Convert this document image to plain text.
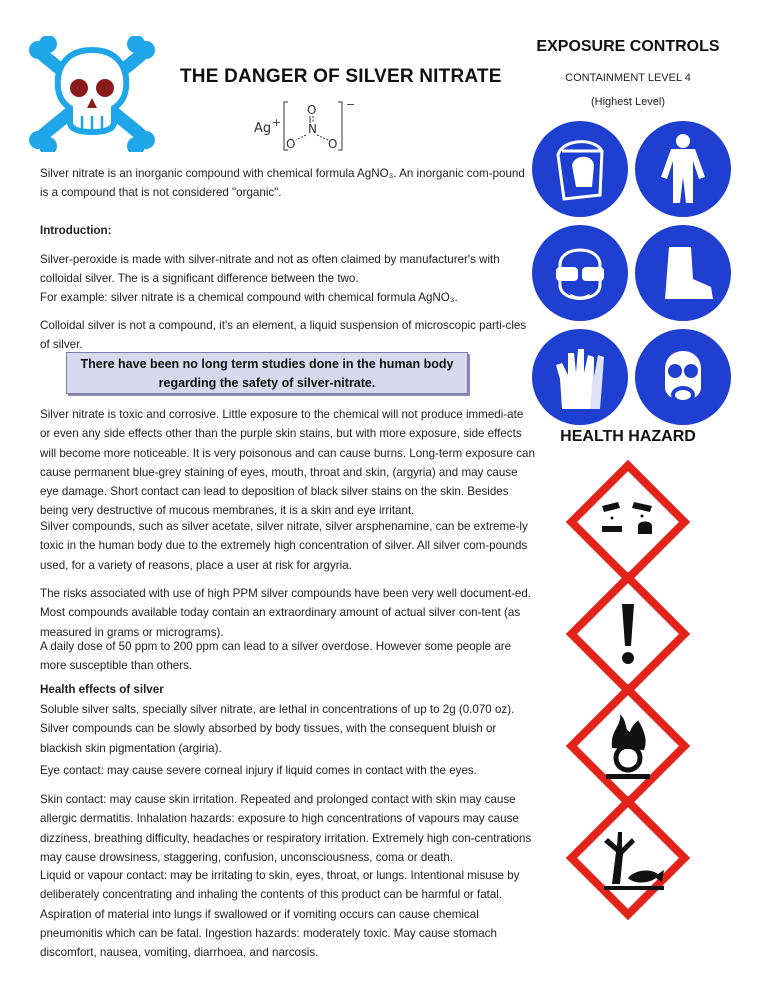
THE DANGER OF SILVER NITRATE
Ag +
−
O
N
O	O
Silver nitrate is an inorganic compound with chemical formula AgNO₃. An inorganic com-pound is a compound that is not considered "organic".
Introduction:
Silver-peroxide is made with silver-nitrate and not as often claimed by manufacturer's with colloidal silver. The is a significant difference between the two.
For example: silver nitrate is a chemical compound with chemical formula AgNO₃.
Colloidal silver is not a compound, it's an element, a liquid suspension of microscopic parti-cles of silver.
There have been no long term studies done in the human body regarding the safety of silver-nitrate.
Silver nitrate is toxic and corrosive. Little exposure to the chemical will not produce immedi-ate or even any side effects other than the purple skin stains, but with more exposure, side effects will become more noticeable. It is very poisonous and can cause burns. Long-term exposure can cause permanent blue-grey staining of eyes, mouth, throat and skin, (argyria) and may cause eye damage. Short contact can lead to deposition of black silver stains on the skin. Besides being very destructive of mucous membranes, it is a skin and eye irritant.
Silver compounds, such as silver acetate, silver nitrate, silver arsphenamine, can be extreme-ly toxic in the human body due to the extremely high concentration of silver. All silver com-pounds used, for a variety of reasons, place a user at risk for argyria.
The risks associated with use of high PPM silver compounds have been very well document-ed. Most compounds available today contain an extraordinary amount of actual silver con-tent (as measured in grams or micrograms).
A daily dose of 50 ppm to 200 ppm can lead to a silver overdose. However some people are more susceptible than others.
Health effects of silver
Soluble silver salts, specially silver nitrate, are lethal in concentrations of up to 2g (0.070 oz). Silver compounds can be slowly absorbed by body tissues, with the consequent bluish or blackish skin pigmentation (argiria).
Eye contact: may cause severe corneal injury if liquid comes in contact with the eyes.
Skin contact: may cause skin irritation. Repeated and prolonged contact with skin may cause allergic dermatitis. Inhalation hazards: exposure to high concentrations of vapours may cause dizziness, breathing difficulty, headaches or respiratory irritation. Extremely high con-centrations may cause drowsiness, staggering, confusion, unconsciousness, coma or death.
Liquid or vapour contact: may be irritating to skin, eyes, throat, or lungs. Intentional misuse by deliberately concentrating and inhaling the contents of this product can be harmful or fatal. Aspiration of material into lungs if swallowed or if vomiting occurs can cause chemical pneumonitis which can be fatal. Ingestion hazards: moderately toxic. May cause stomach discomfort, nausea, vomiting, diarrhoea, and narcosis.
EXPOSURE CONTROLS
CONTAINMENT LEVEL 4
(Highest Level)
HEALTH HAZARD
